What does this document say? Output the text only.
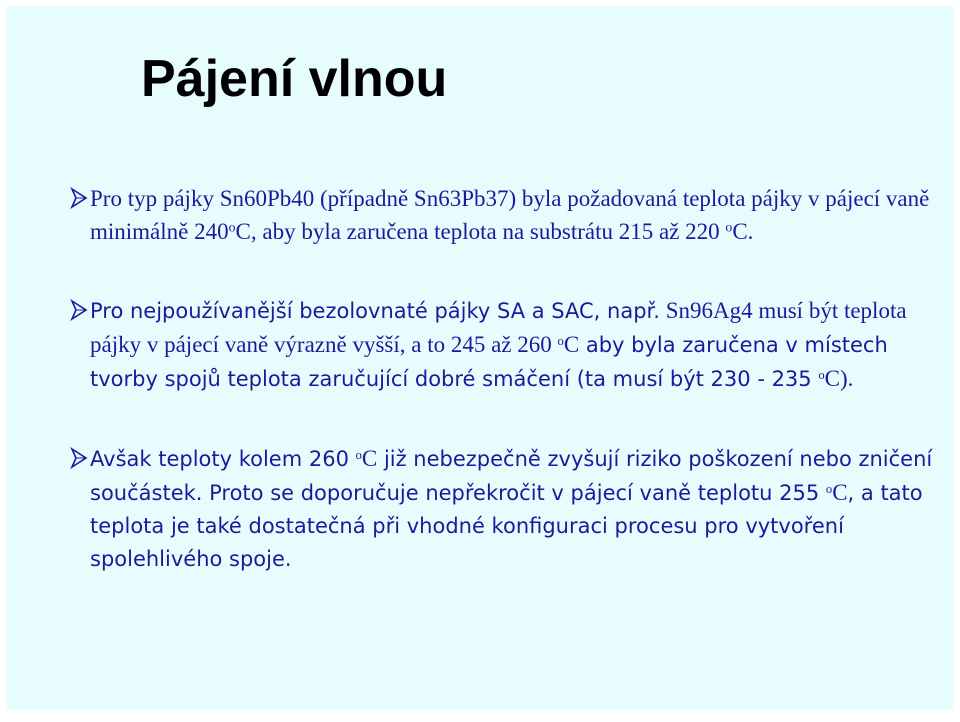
Pájení vlnou
Pro typ pájky Sn60Pb40 (případně Sn63Pb37) byla požadovaná teplota pájky v pájecí vaně minimálně 240$^o$C, aby byla zaručena teplota na substrátu 215 až 220 $^o$C.
Pro nejpoužívanější bezolovnaté pájky SA a SAC, např. Sn96Ag4 musí být teplota pájky v pájecí vaně výrazně vyšší, a to 245 až 260 $^o$C aby byla zaručena v místech tvorby spojů teplota zaručující dobré smáčení (ta musí být 230 - 235 $^o$C).
Avšak teploty kolem 260 $^o$C již nebezpečně zvyšují riziko poškození nebo zničení součástek. Proto se doporučuje nepřekročit v pájecí vaně teplotu 255 $^o$C, a tato teplota je také dostatečná při vhodné konfiguraci procesu pro vytvoření spolehlivého spoje.
